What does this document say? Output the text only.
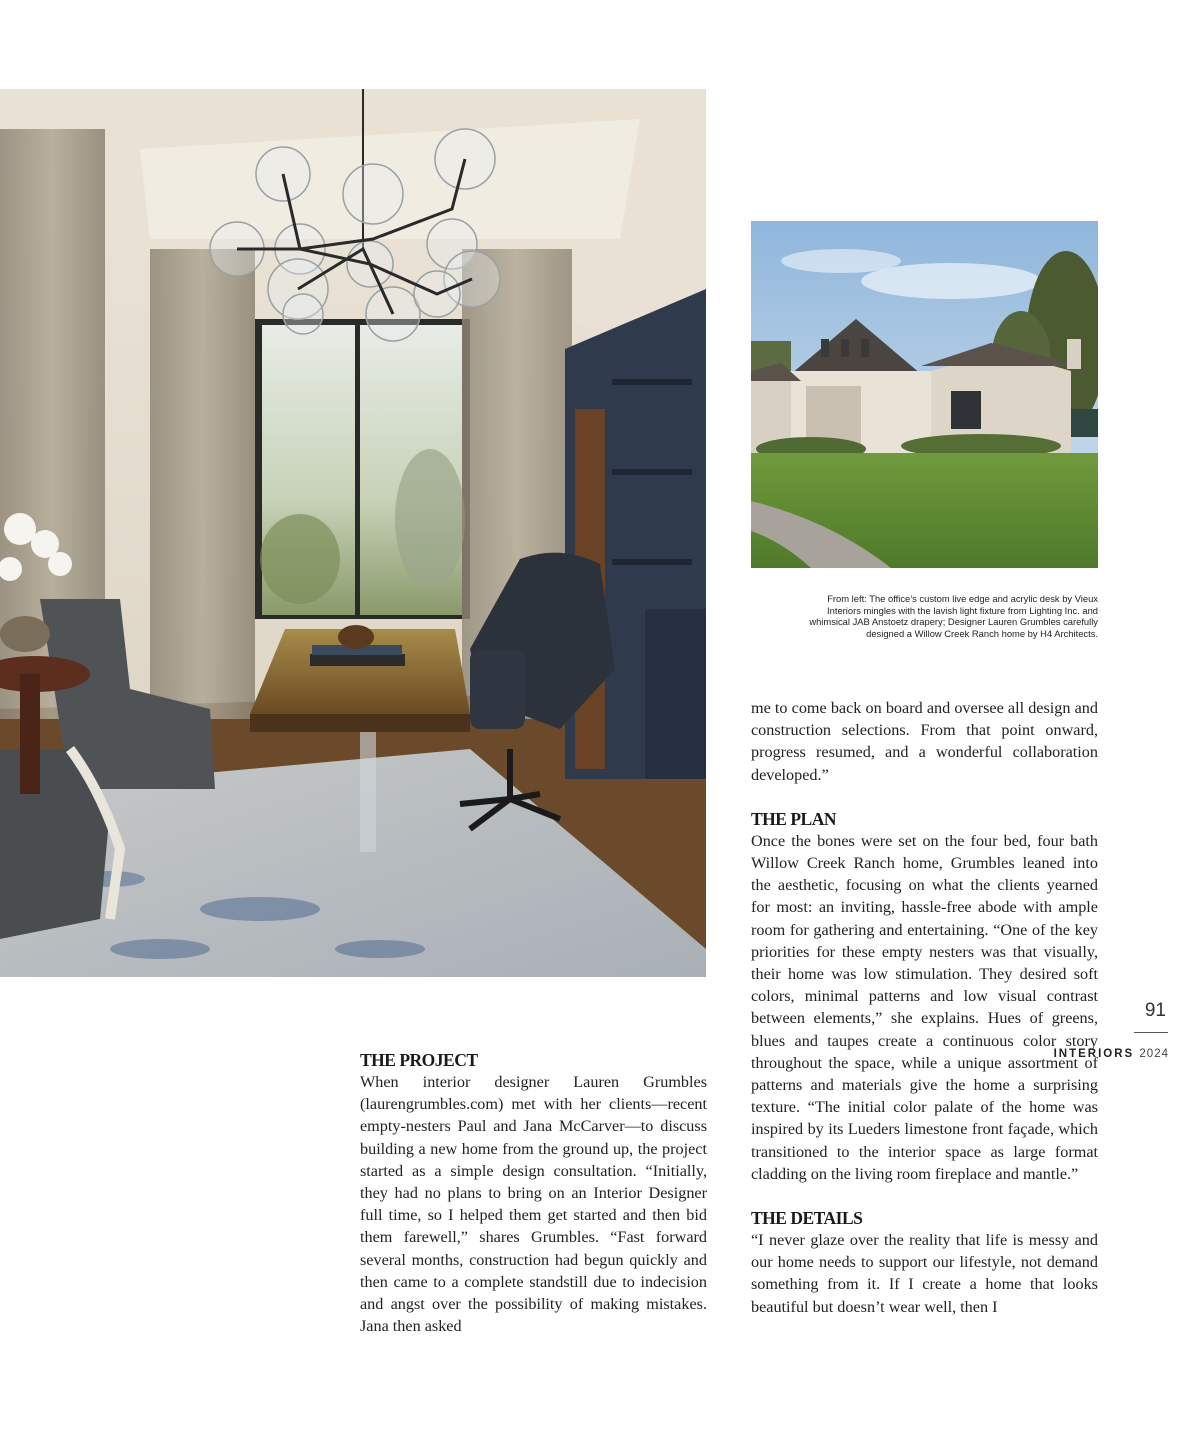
From left: The office’s custom live edge and acrylic desk by Vieux
Interiors mingles with the lavish light fixture from Lighting Inc. and
whimsical JAB Anstoetz drapery; Designer Lauren Grumbles carefully
designed a Willow Creek Ranch home by H4 Architects.
THE PROJECT

When interior designer Lauren Grumbles (laurengrumbles.com) met with her clients—recent empty-nesters Paul and Jana McCarver—to discuss building a new home from the ground up, the project started as a simple design consultation. “Initially, they had no plans to bring on an Interior Designer full time, so I helped them get started and then bid them farewell,” shares Grumbles. “Fast forward several months, construction had begun quickly and then came to a complete standstill due to indecision and angst over the possibility of making mistakes. Jana then asked

me to come back on board and oversee all design and construction selections. From that point onward, progress resumed, and a wonderful collaboration developed.”

THE PLAN

Once the bones were set on the four bed, four bath Willow Creek Ranch home, Grumbles leaned into the aesthetic, focusing on what the clients yearned for most: an inviting, hassle-free abode with ample room for gathering and entertaining. “One of the key priorities for these empty nesters was that visually, their home was low stimulation. They desired soft colors, minimal patterns and low visual contrast between elements,” she explains. Hues of greens, blues and taupes create a continuous color story throughout the space, while a unique assortment of patterns and materials give the home a surprising texture. “The initial color palate of the home was inspired by its Lueders limestone front façade, which transitioned to the interior space as large format cladding on the living room fireplace and mantle.”

THE DETAILS

“I never glaze over the reality that life is messy and our home needs to support our lifestyle, not demand something from it. If I create a home that looks beautiful but doesn’t wear well, then I

91
INTERIORS 2024
